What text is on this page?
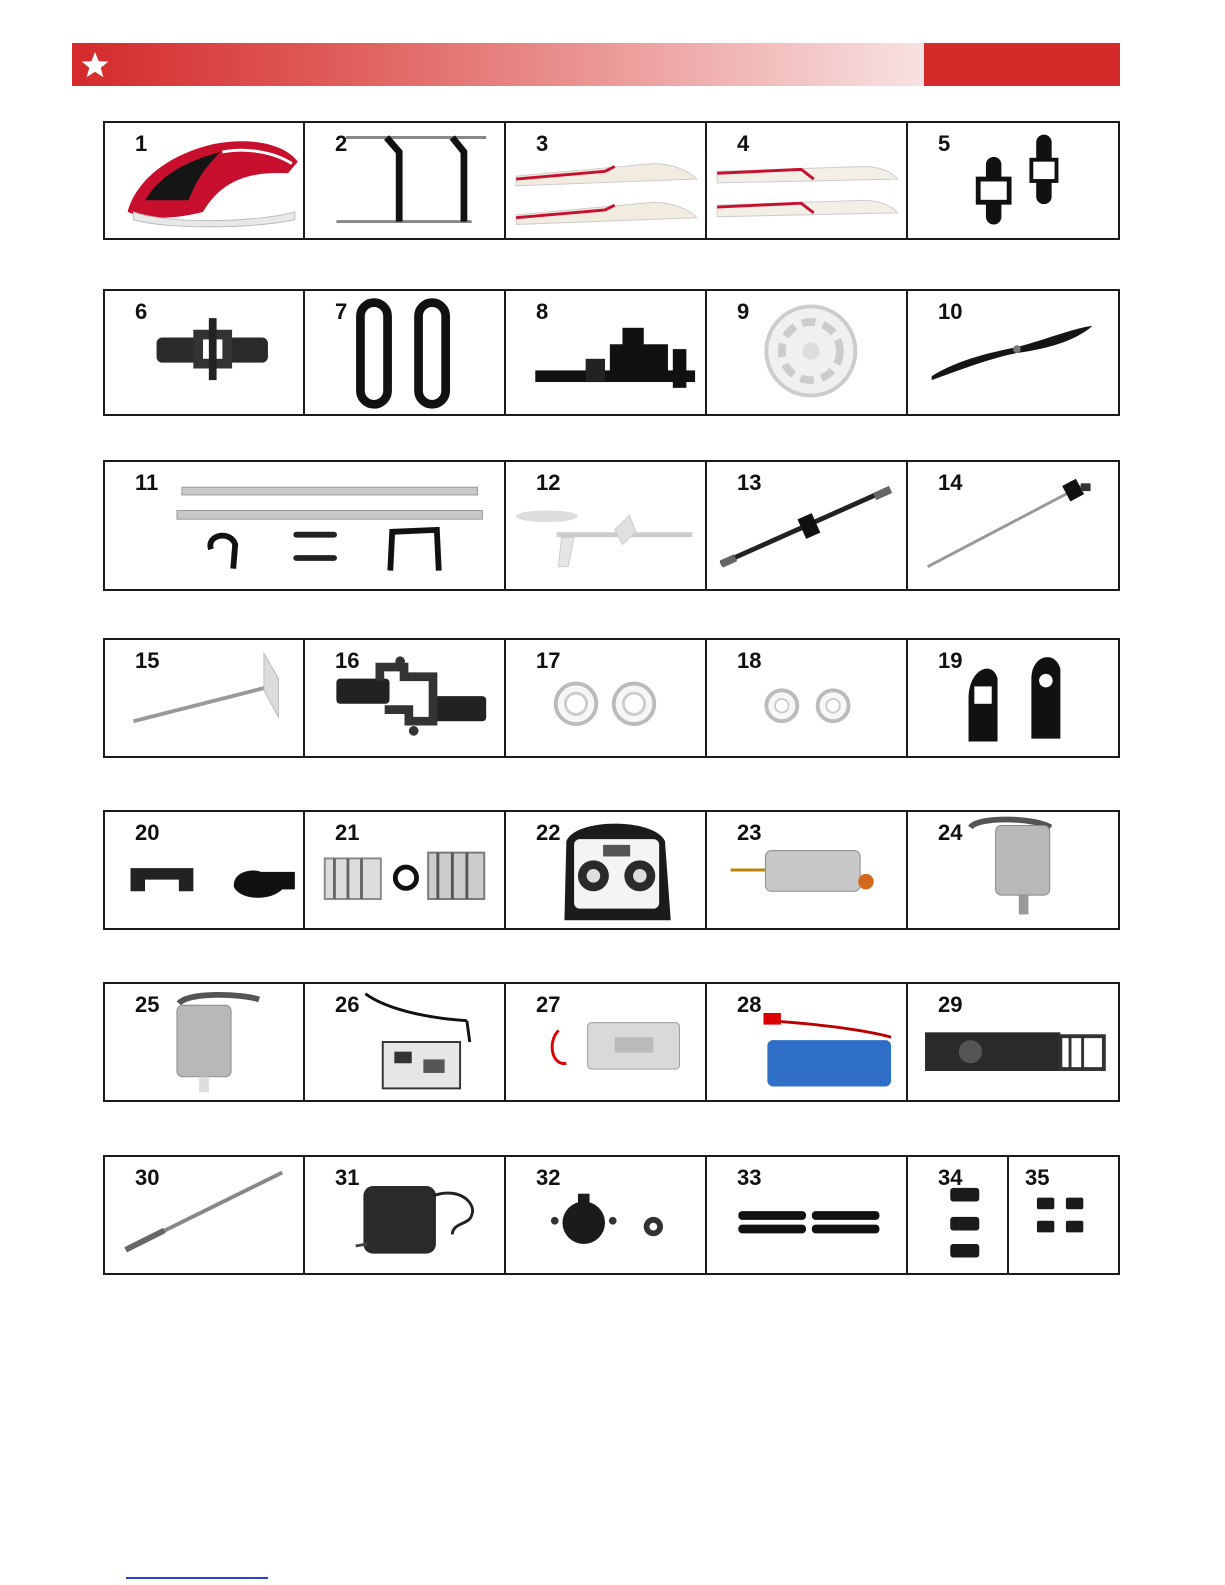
1	2	3	4	5
6	7	8	9	10
11	12	13	14
15	16	17	18	19
20	21	22	23	24
25	26	27	28	29
30	31	32	33	34	35
